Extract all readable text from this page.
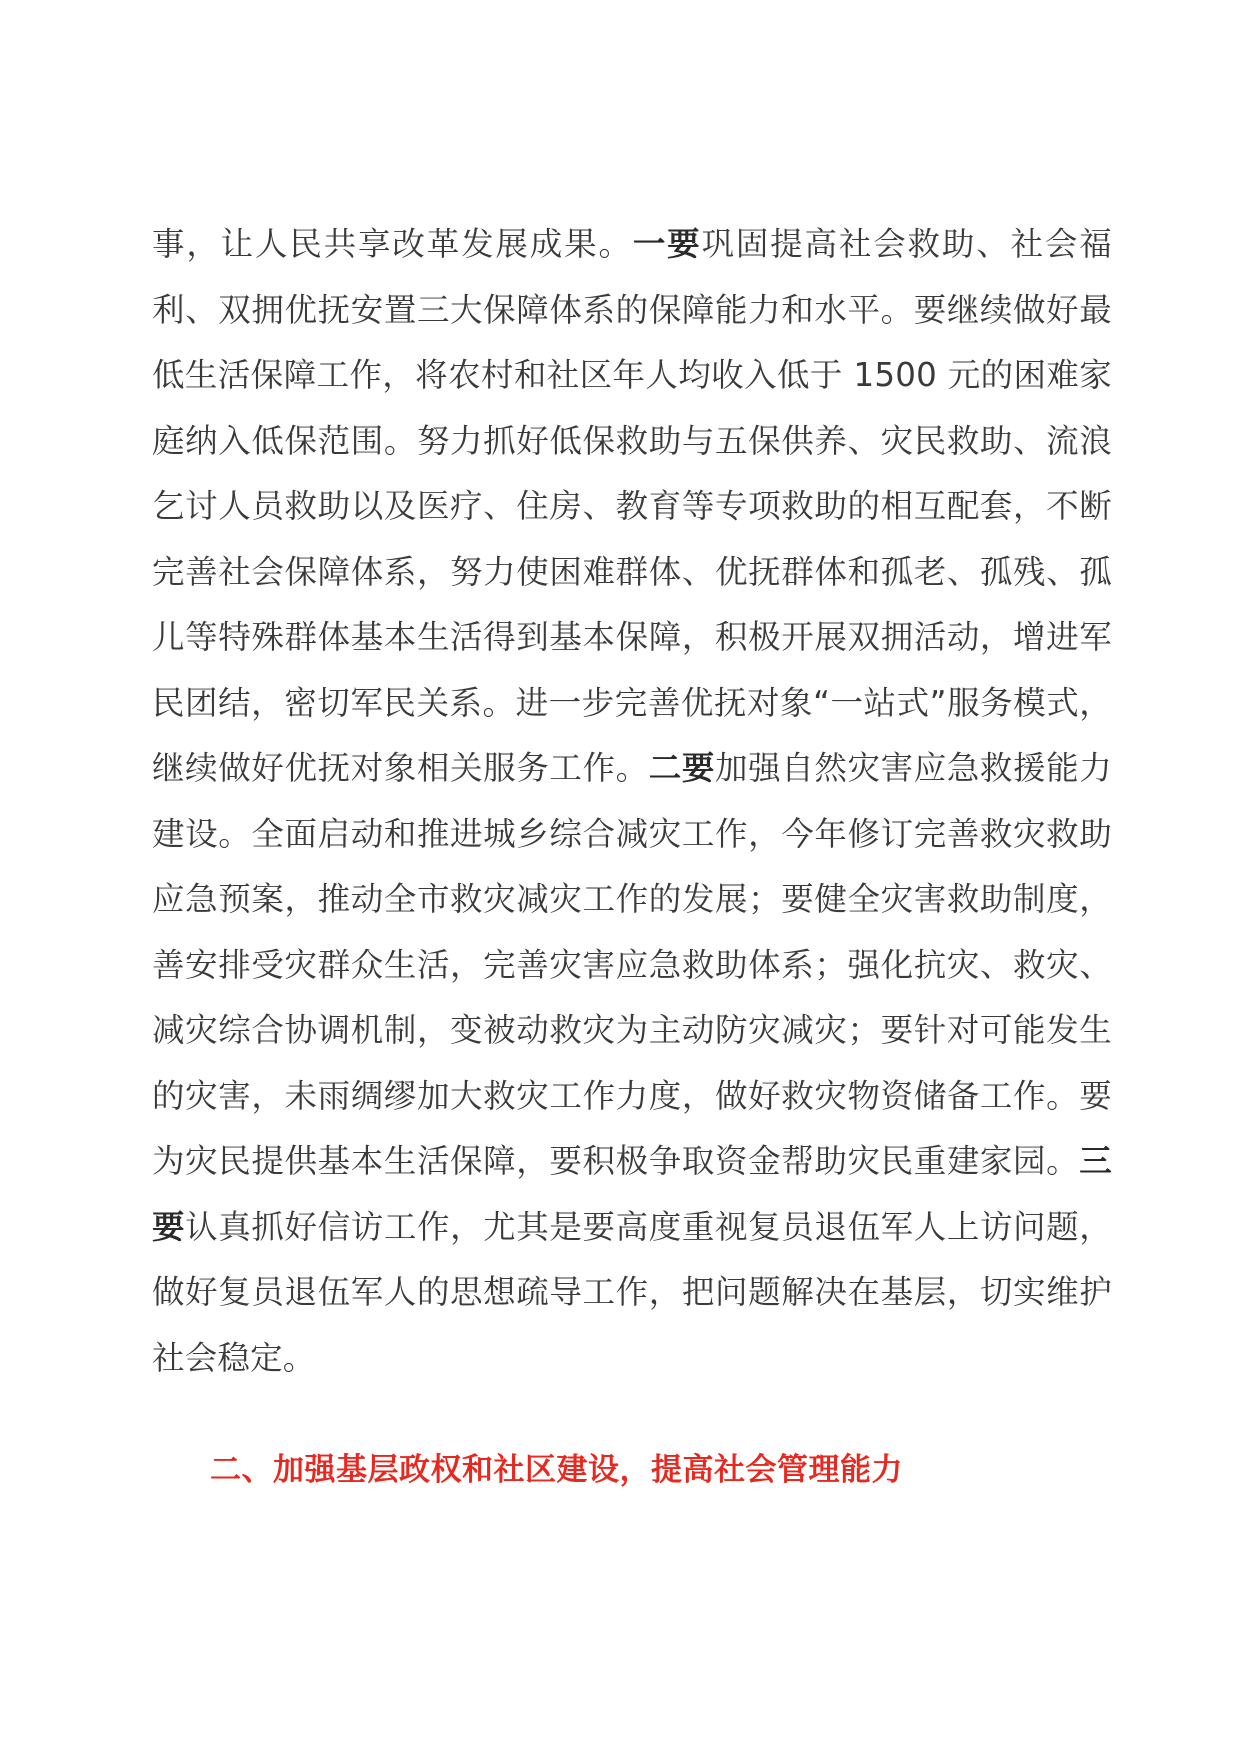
事，让人民共享改革发展成果。一要巩固提高社会救助、社会福利、双拥优抚安置三大保障体系的保障能力和水平。要继续做好最低生活保障工作，将农村和社区年人均收入低于 1500 元的困难家庭纳入低保范围。努力抓好低保救助与五保供养、灾民救助、流浪乞讨人员救助以及医疗、住房、教育等专项救助的相互配套，不断完善社会保障体系，努力使困难群体、优抚群体和孤老、孤残、孤儿等特殊群体基本生活得到基本保障，积极开展双拥活动，增进军民团结，密切军民关系。进一步完善优抚对象“一站式”服务模式，继续做好优抚对象相关服务工作。二要加强自然灾害应急救援能力建设。全面启动和推进城乡综合减灾工作，今年修订完善救灾救助应急预案，推动全市救灾减灾工作的发展；要健全灾害救助制度，善安排受灾群众生活，完善灾害应急救助体系；强化抗灾、救灾、减灾综合协调机制，变被动救灾为主动防灾减灾；要针对可能发生的灾害，未雨绸缪加大救灾工作力度，做好救灾物资储备工作。要为灾民提供基本生活保障，要积极争取资金帮助灾民重建家园。三要认真抓好信访工作，尤其是要高度重视复员退伍军人上访问题，做好复员退伍军人的思想疏导工作，把问题解决在基层，切实维护社会稳定。

二、加强基层政权和社区建设，提高社会管理能力
